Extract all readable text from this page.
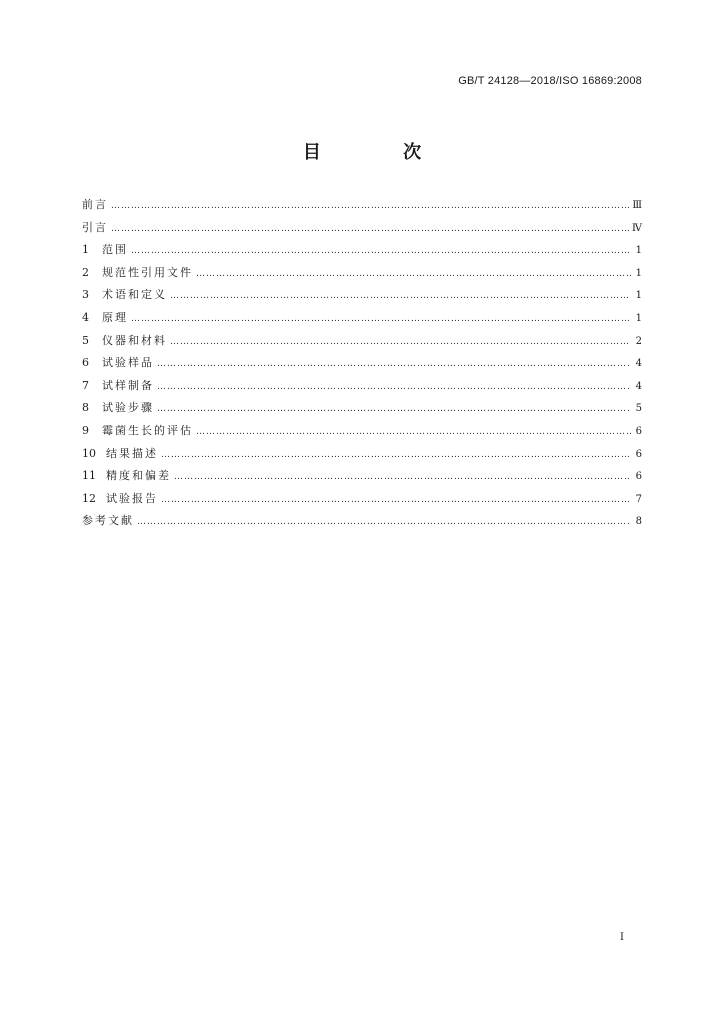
GB/T 24128—2018/ISO 16869:2008
目 次
前言 …………………………………………………………………………………………………………………………………………………………………………………………………………………………………………………………	Ⅲ
引言 …………………………………………………………………………………………………………………………………………………………………………………………………………………………………………………………	Ⅳ
1	范围 …………………………………………………………………………………………………………………………………………………………………………………………………………………………………………………………	1
2	规范性引用文件 …………………………………………………………………………………………………………………………………………………………………………………………………………………………………………………………	1
3	术语和定义 …………………………………………………………………………………………………………………………………………………………………………………………………………………………………………………………	1
4	原理 …………………………………………………………………………………………………………………………………………………………………………………………………………………………………………………………	1
5	仪器和材料 …………………………………………………………………………………………………………………………………………………………………………………………………………………………………………………………	2
6	试验样品 …………………………………………………………………………………………………………………………………………………………………………………………………………………………………………………………	4
7	试样制备 …………………………………………………………………………………………………………………………………………………………………………………………………………………………………………………………	4
8	试验步骤 …………………………………………………………………………………………………………………………………………………………………………………………………………………………………………………………	5
9	霉菌生长的评估 …………………………………………………………………………………………………………………………………………………………………………………………………………………………………………………………	6
10 结果描述 …………………………………………………………………………………………………………………………………………………………………………………………………………………………………………………………	6
11 精度和偏差 …………………………………………………………………………………………………………………………………………………………………………………………………………………………………………………………	6
12 试验报告 …………………………………………………………………………………………………………………………………………………………………………………………………………………………………………………………	7
参考文献 …………………………………………………………………………………………………………………………………………………………………………………………………………………………………………………………	8
I
